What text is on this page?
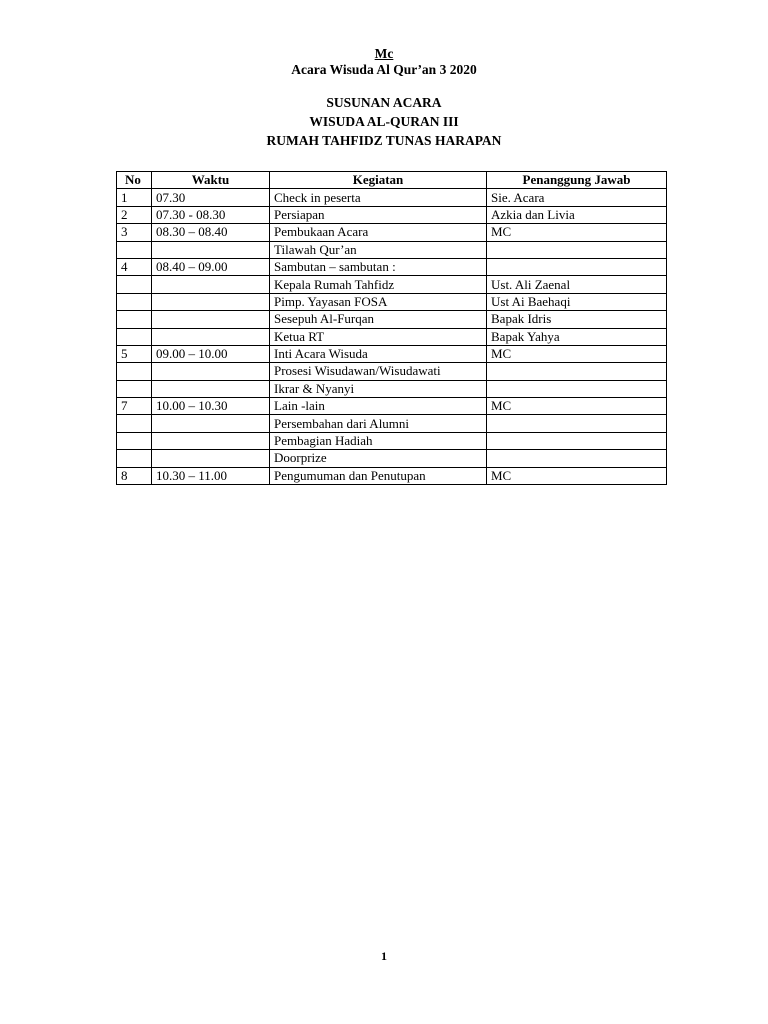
Mc
Acara Wisuda Al Qur’an 3 2020
SUSUNAN ACARA
WISUDA AL-QURAN III
RUMAH TAHFIDZ TUNAS HARAPAN
No	Waktu	Kegiatan	Penanggung Jawab
1	07.30	Check in peserta	Sie. Acara
2	07.30 - 08.30	Persiapan	Azkia dan Livia
3	08.30 – 08.40	Pembukaan Acara	MC
		Tilawah Qur’an	
4	08.40 – 09.00	Sambutan – sambutan :	
		Kepala Rumah Tahfidz	Ust. Ali Zaenal
		Pimp. Yayasan FOSA	Ust Ai Baehaqi
		Sesepuh Al-Furqan	Bapak Idris
		Ketua RT	Bapak Yahya
5	09.00 – 10.00	Inti Acara Wisuda	MC
		Prosesi Wisudawan/Wisudawati	
		Ikrar & Nyanyi	
7	10.00 – 10.30	Lain -lain	MC
		Persembahan dari Alumni	
		Pembagian Hadiah	
		Doorprize	
8	10.30 – 11.00	Pengumuman dan Penutupan	MC
1
